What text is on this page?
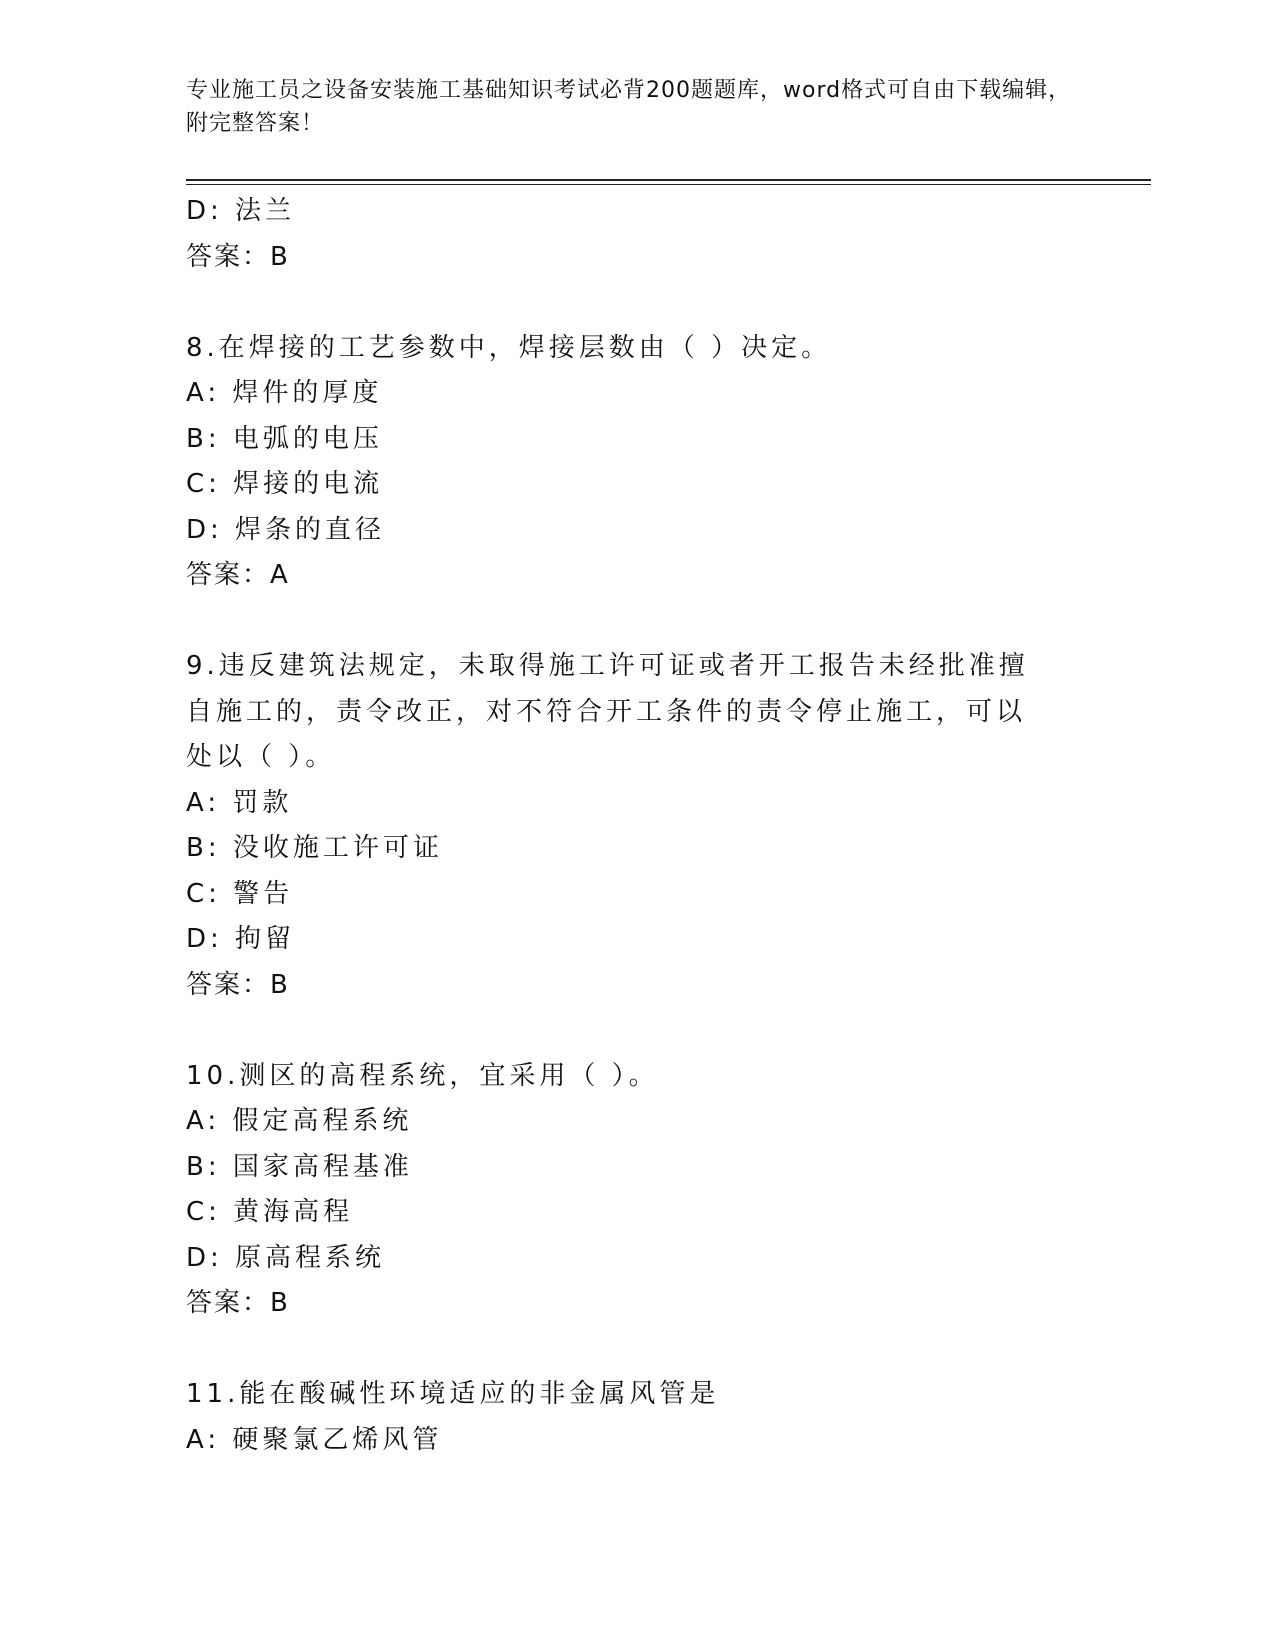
专业施工员之设备安装施工基础知识考试必背200题题库，word格式可自由下载编辑，附完整答案！
D: 法兰
答案：B
8.在焊接的工艺参数中，焊接层数由（ ）决定。
A: 焊件的厚度
B: 电弧的电压
C: 焊接的电流
D: 焊条的直径
答案：A
9.违反建筑法规定，未取得施工许可证或者开工报告未经批准擅自施工的，责令改正，对不符合开工条件的责令停止施工，可以处以（ ）。
A: 罚款
B: 没收施工许可证
C: 警告
D: 拘留
答案：B
10.测区的高程系统，宜采用（ ）。
A: 假定高程系统
B: 国家高程基准
C: 黄海高程
D: 原高程系统
答案：B
11.能在酸碱性环境适应的非金属风管是
A: 硬聚氯乙烯风管
